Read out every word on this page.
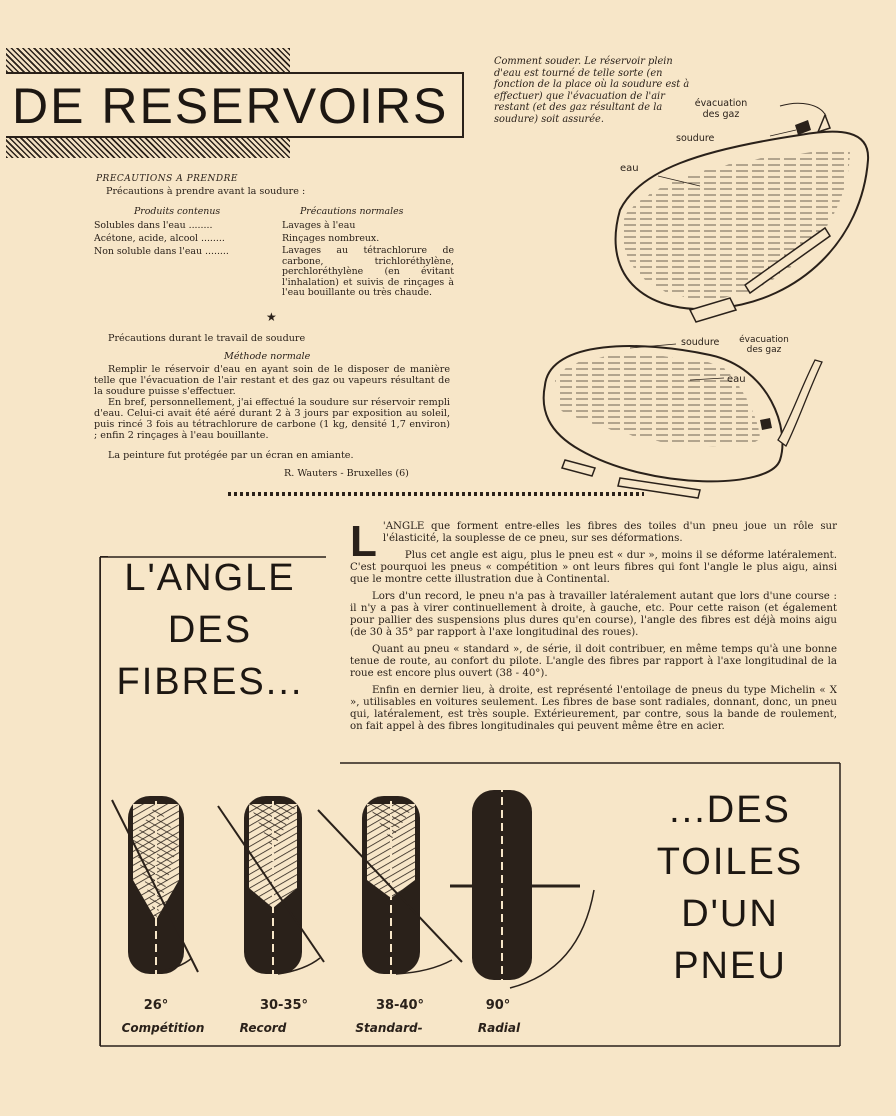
DE RESERVOIRS
PRECAUTIONS A PRENDRE
Précautions à prendre avant la soudure :
Produits contenus	Précautions normales
Solubles dans l'eau ........	Lavages à l'eau
Acétone, acide, alcool ........	Rinçages nombreux.
Non soluble dans l'eau ........	Lavages au tétrachlorure de carbone, trichloréthylène, perchloréthylène (en évitant l'inhalation) et suivis de rinçages à l'eau bouillante ou très chaude.
★
Précautions durant le travail de soudure
Méthode normale
Remplir le réservoir d'eau en ayant soin de le disposer de manière telle que l'évacuation de l'air restant et des gaz ou vapeurs résultant de la soudure puisse s'effectuer.
En bref, personnellement, j'ai effectué la soudure sur réservoir rempli d'eau. Celui-ci avait été aéré durant 2 à 3 jours par exposition au soleil, puis rincé 3 fois au tétrachlorure de carbone (1 kg, densité 1,7 environ) ; enfin 2 rinçages à l'eau bouillante.
La peinture fut protégée par un écran en amiante.
R. Wauters - Bruxelles (6)
Comment souder. Le réservoir plein d'eau est tourné de telle sorte (en fonction de la place où la soudure est à effectuer) que l'évacuation de l'air restant (et des gaz résultant de la soudure) soit assurée.
évacuation des gaz
soudure
eau
soudure	évacuation des gaz
eau

L 'ANGLE que forment entre-elles les fibres des toiles d'un pneu joue un rôle sur l'élasticité, la souplesse de ce pneu, sur ses déformations.

Plus cet angle est aigu, plus le pneu est « dur », moins il se déforme latéralement. C'est pourquoi les pneus « compétition » ont leurs fibres qui font l'angle le plus aigu, ainsi que le montre cette illustration due à Continental.

Lors d'un record, le pneu n'a pas à travailler latéralement autant que lors d'une course : il n'y a pas à virer continuellement à droite, à gauche, etc. Pour cette raison (et également pour pallier des suspensions plus dures qu'en course), l'angle des fibres est déjà moins aigu (de 30 à 35° par rapport à l'axe longitudinal des roues).

Quant au pneu « standard », de série, il doit contribuer, en même temps qu'à une bonne tenue de route, au confort du pilote. L'angle des fibres par rapport à l'axe longitudinal de la roue est encore plus ouvert (38 - 40°).

Enfin en dernier lieu, à droite, est représenté l'entoilage de pneus du type Michelin « X », utilisables en voitures seulement. Les fibres de base sont radiales, donnant, donc, un pneu qui, latéralement, est très souple. Extérieurement, par contre, sous la bande de roulement, on fait appel à des fibres longitudinales qui peuvent même être en acier.

L'ANGLE
DES
FIBRES...
...DES
TOILES
D'UN
PNEU
26°	30-35°	38-40°	90°
Compétition	Record	Standard-	Radial
